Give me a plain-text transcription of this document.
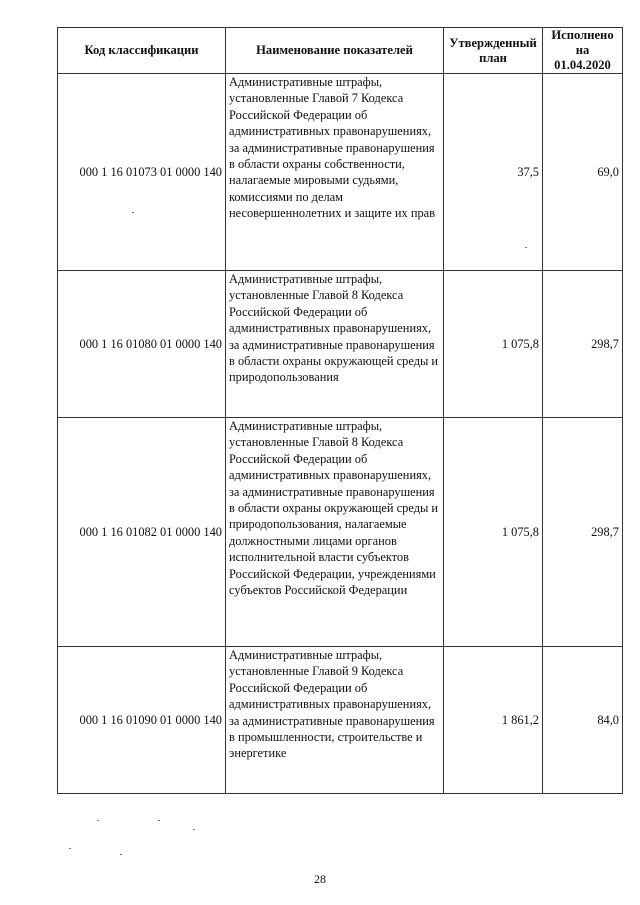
Код классификации	Наименование показателей	Утвержденный план	Исполнено на 01.04.2020
000 1 16 01073 01 0000 140	Административные штрафы, установленные Главой 7 Кодекса Российской Федерации об административных правонарушениях, за административные правонарушения в области охраны собственности, налагаемые мировыми судьями, комиссиями по делам несовершеннолетних и защите их прав	37,5	69,0
000 1 16 01080 01 0000 140	Административные штрафы, установленные Главой 8 Кодекса Российской Федерации об административных правонарушениях, за административные правонарушения в области охраны окружающей среды и природопользования	1 075,8	298,7
000 1 16 01082 01 0000 140	Административные штрафы, установленные Главой 8 Кодекса Российской Федерации об административных правонарушениях, за административные правонарушения в области охраны окружающей среды и природопользования, налагаемые должностными лицами органов исполнительной власти субъектов Российской Федерации, учреждениями субъектов Российской Федерации	1 075,8	298,7
000 1 16 01090 01 0000 140	Административные штрафы, установленные Главой 9 Кодекса Российской Федерации об административных правонарушениях, за административные правонарушения в промышленности, строительстве и энергетике	1 861,2	84,0
28
